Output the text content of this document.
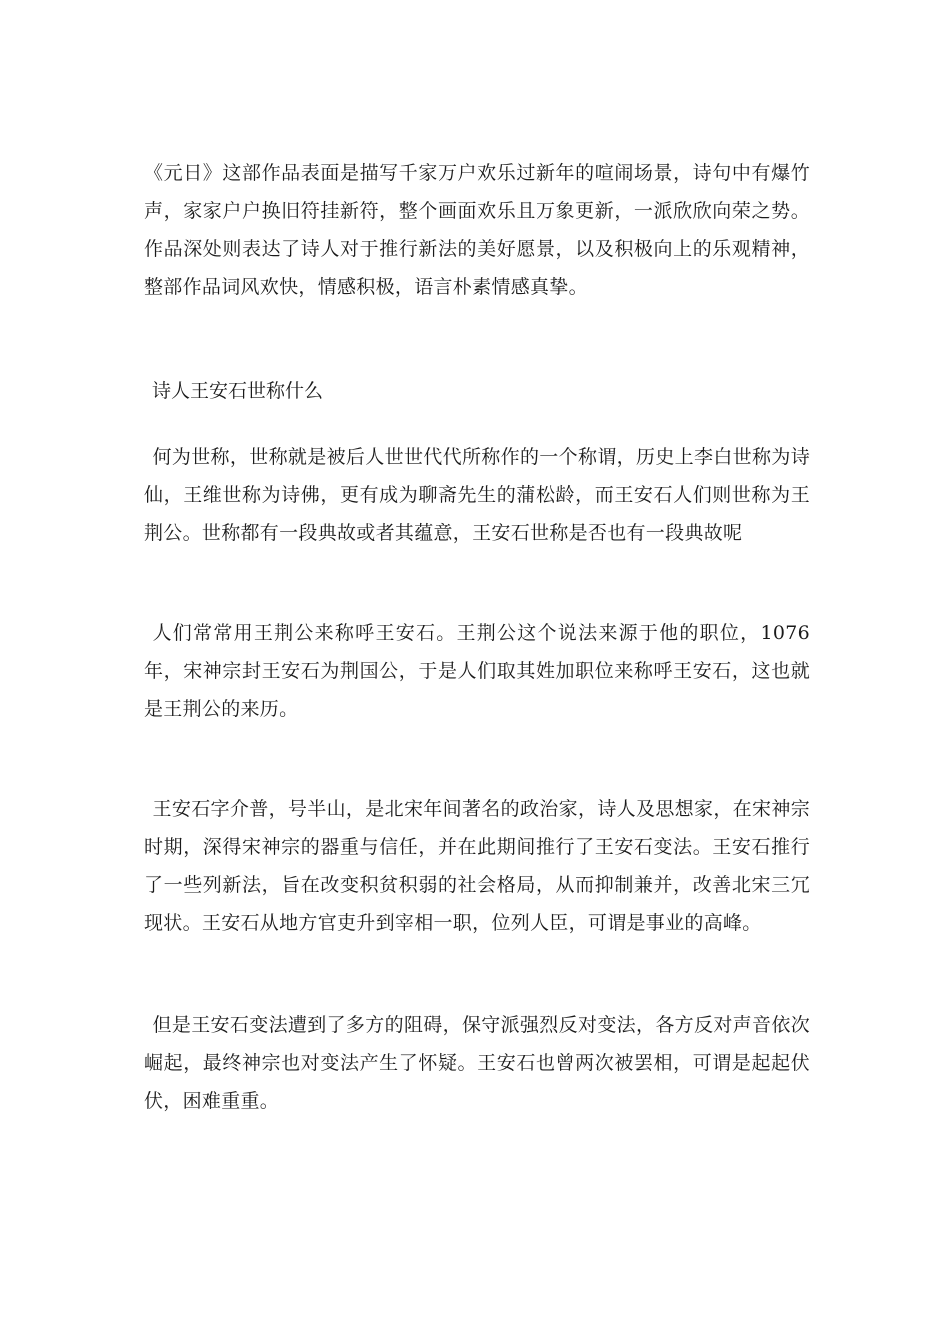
《元日》这部作品表面是描写千家万户欢乐过新年的喧闹场景，诗句中有爆竹声，家家户户换旧符挂新符，整个画面欢乐且万象更新，一派欣欣向荣之势。作品深处则表达了诗人对于推行新法的美好愿景，以及积极向上的乐观精神，整部作品词风欢快，情感积极，语言朴素情感真挚。

诗人王安石世称什么

何为世称，世称就是被后人世世代代所称作的一个称谓，历史上李白世称为诗仙，王维世称为诗佛，更有成为聊斋先生的蒲松龄，而王安石人们则世称为王荆公。世称都有一段典故或者其蕴意，王安石世称是否也有一段典故呢

人们常常用王荆公来称呼王安石。王荆公这个说法来源于他的职位，1076年，宋神宗封王安石为荆国公，于是人们取其姓加职位来称呼王安石，这也就是王荆公的来历。

王安石字介普，号半山，是北宋年间著名的政治家，诗人及思想家，在宋神宗时期，深得宋神宗的器重与信任，并在此期间推行了王安石变法。王安石推行了一些列新法，旨在改变积贫积弱的社会格局，从而抑制兼并，改善北宋三冗现状。王安石从地方官吏升到宰相一职，位列人臣，可谓是事业的高峰。

但是王安石变法遭到了多方的阻碍，保守派强烈反对变法，各方反对声音依次崛起，最终神宗也对变法产生了怀疑。王安石也曾两次被罢相，可谓是起起伏伏，困难重重。
